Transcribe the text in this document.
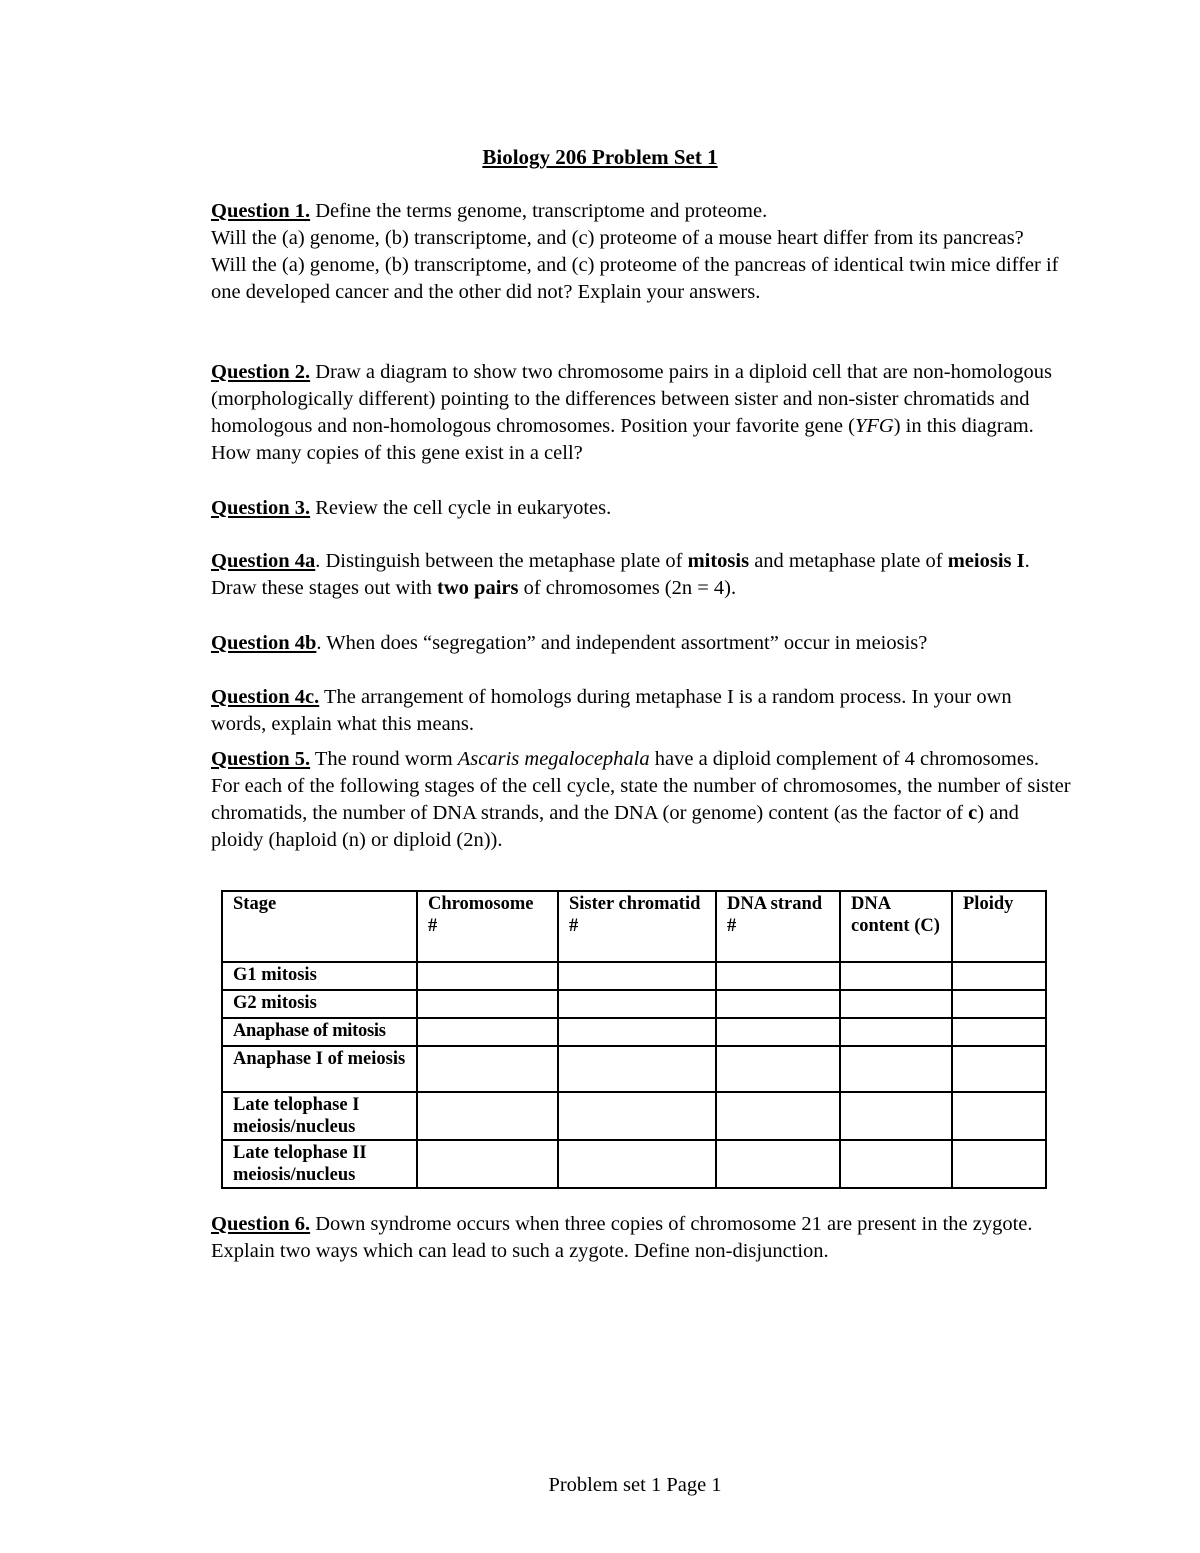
Biology 206 Problem Set 1

Question 1. Define the terms genome, transcriptome and proteome.
Will the (a) genome, (b) transcriptome, and (c) proteome of a mouse heart differ from its pancreas?
Will the (a) genome, (b) transcriptome, and (c) proteome of the pancreas of identical twin mice differ if one developed cancer and the other did not? Explain your answers.

Question 2. Draw a diagram to show two chromosome pairs in a diploid cell that are non-homologous (morphologically different) pointing to the differences between sister and non-sister chromatids and homologous and non-homologous chromosomes. Position your favorite gene (YFG) in this diagram. How many copies of this gene exist in a cell?

Question 3. Review the cell cycle in eukaryotes.

Question 4a. Distinguish between the metaphase plate of mitosis and metaphase plate of meiosis I. Draw these stages out with two pairs of chromosomes (2n = 4).

Question 4b. When does “segregation” and independent assortment” occur in meiosis?

Question 4c. The arrangement of homologs during metaphase I is a random process. In your own words, explain what this means.

Question 5. The round worm Ascaris megalocephala have a diploid complement of 4 chromosomes. For each of the following stages of the cell cycle, state the number of chromosomes, the number of sister chromatids, the number of DNA strands, and the DNA (or genome) content (as the factor of c) and ploidy (haploid (n) or diploid (2n)).

Stage	Chromosome #	Sister chromatid #	DNA strand #	DNA content (C)	Ploidy
G1 mitosis					
G2 mitosis					
Anaphase of mitosis					
Anaphase I of meiosis					
Late telophase I meiosis/nucleus					
Late telophase II meiosis/nucleus					

Question 6. Down syndrome occurs when three copies of chromosome 21 are present in the zygote. Explain two ways which can lead to such a zygote. Define non-disjunction.

Problem set 1 Page 1
